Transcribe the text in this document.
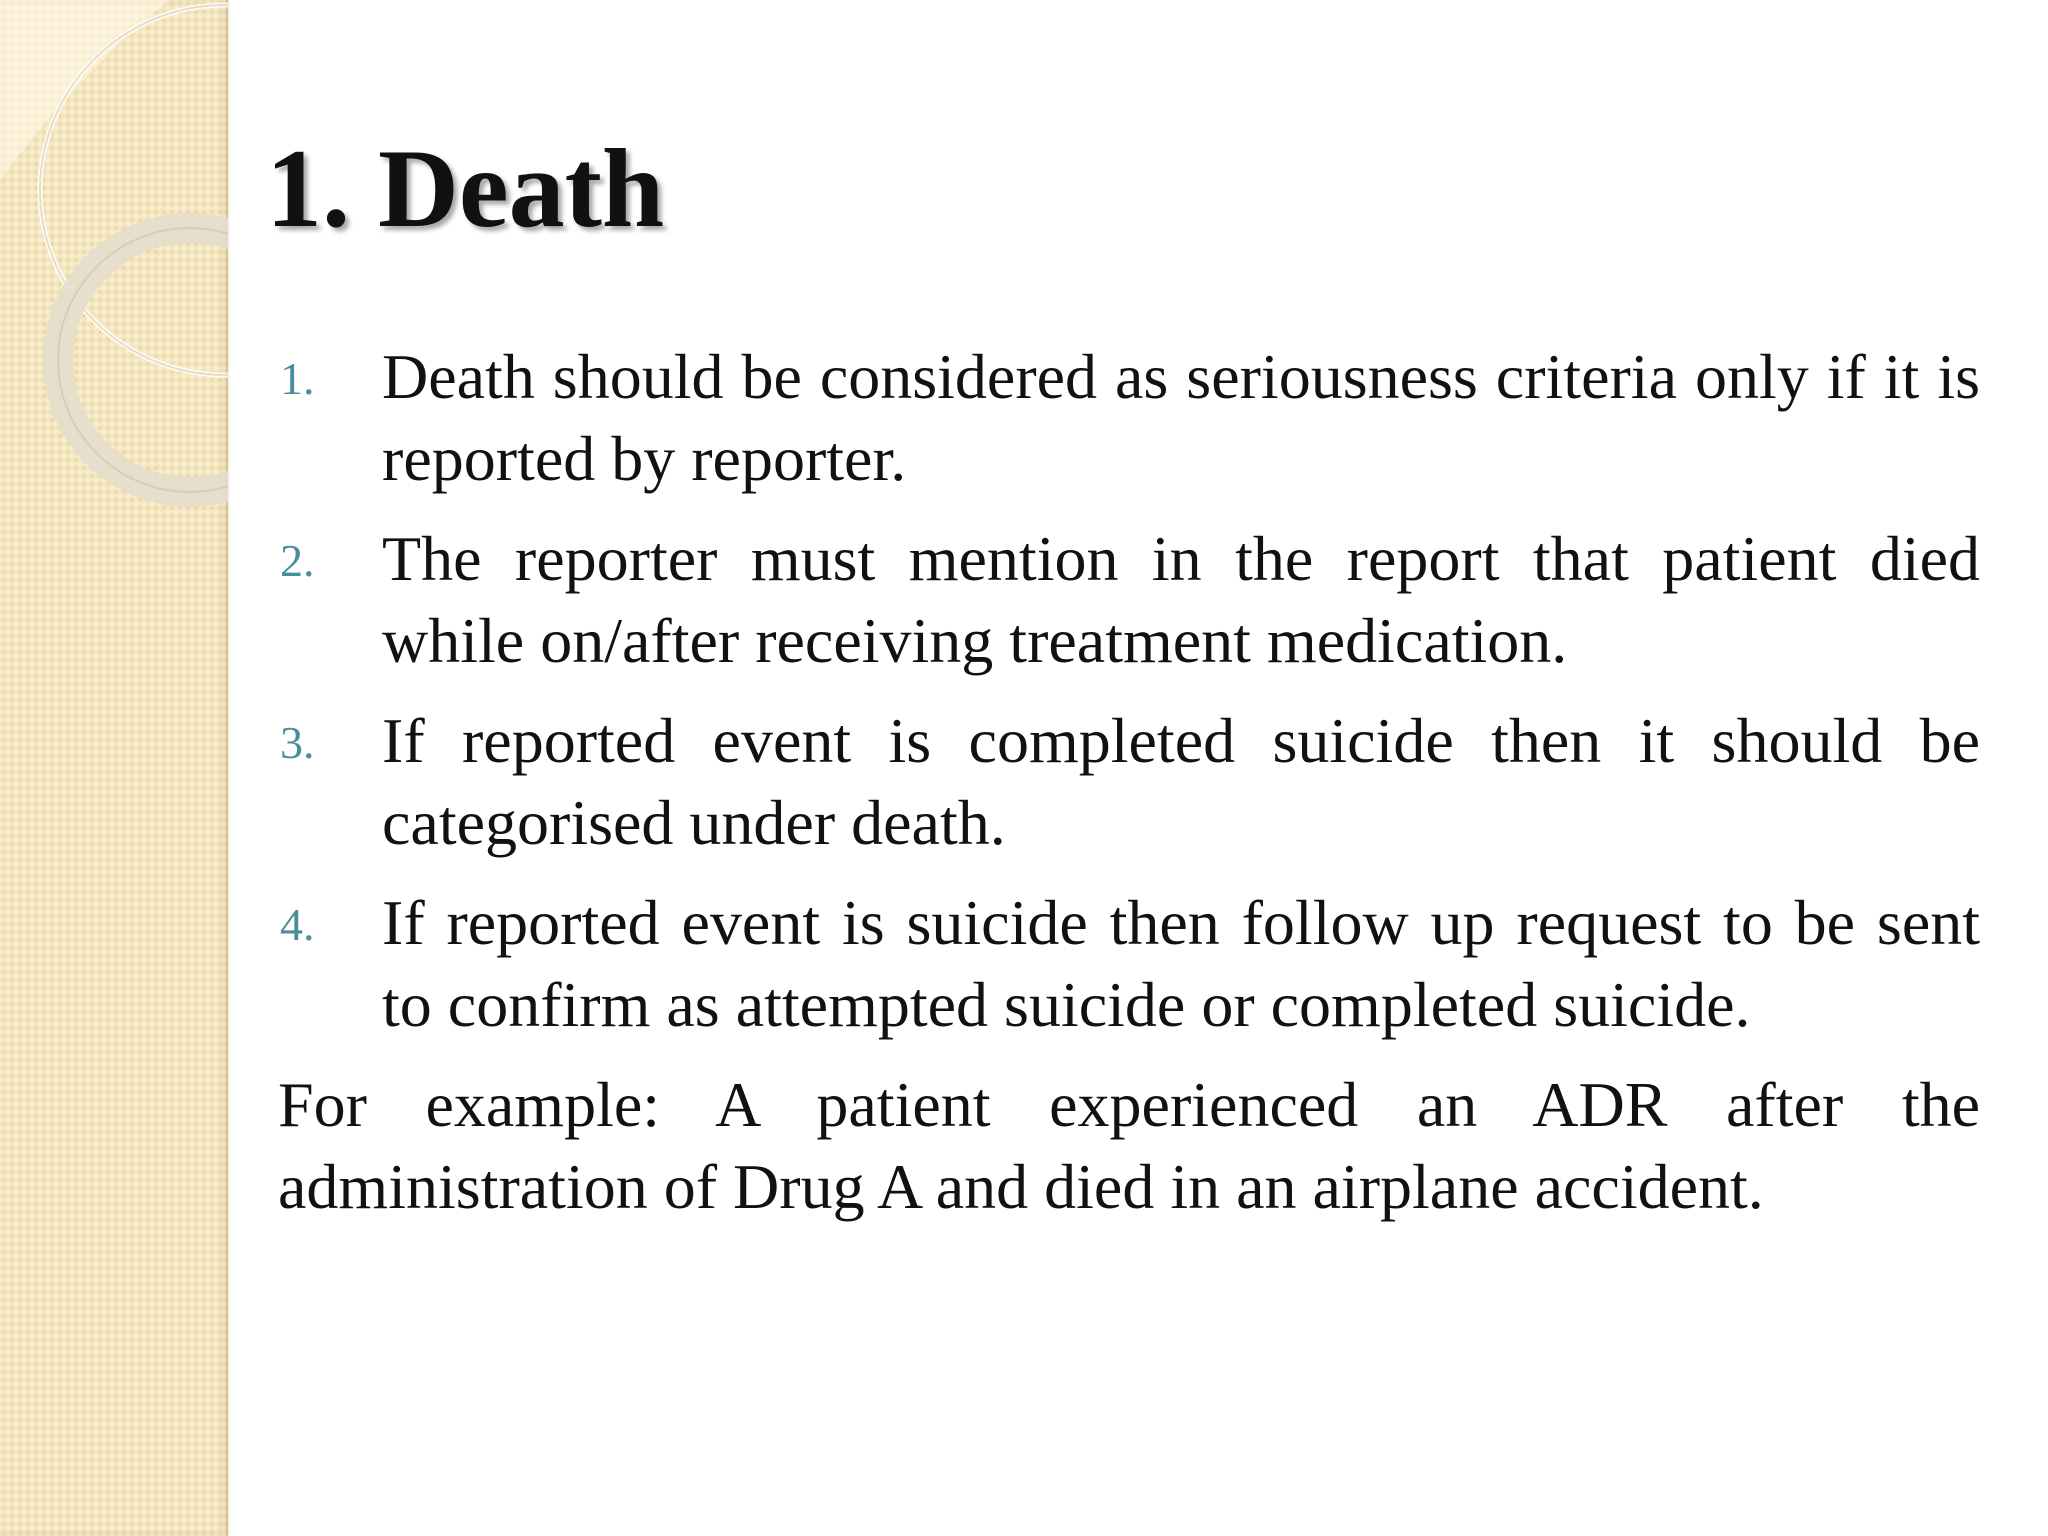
1. Death
1. Death should be considered as seriousness criteria only if it is reported by reporter.
2. The reporter must mention in the report that patient died while on/after receiving treatment medication.
3. If reported event is completed suicide then it should be categorised under death.
4. If reported event is suicide then follow up request to be sent to confirm as attempted suicide or completed suicide.

For example: A patient experienced an ADR after the administration of Drug A and died in an airplane accident.
